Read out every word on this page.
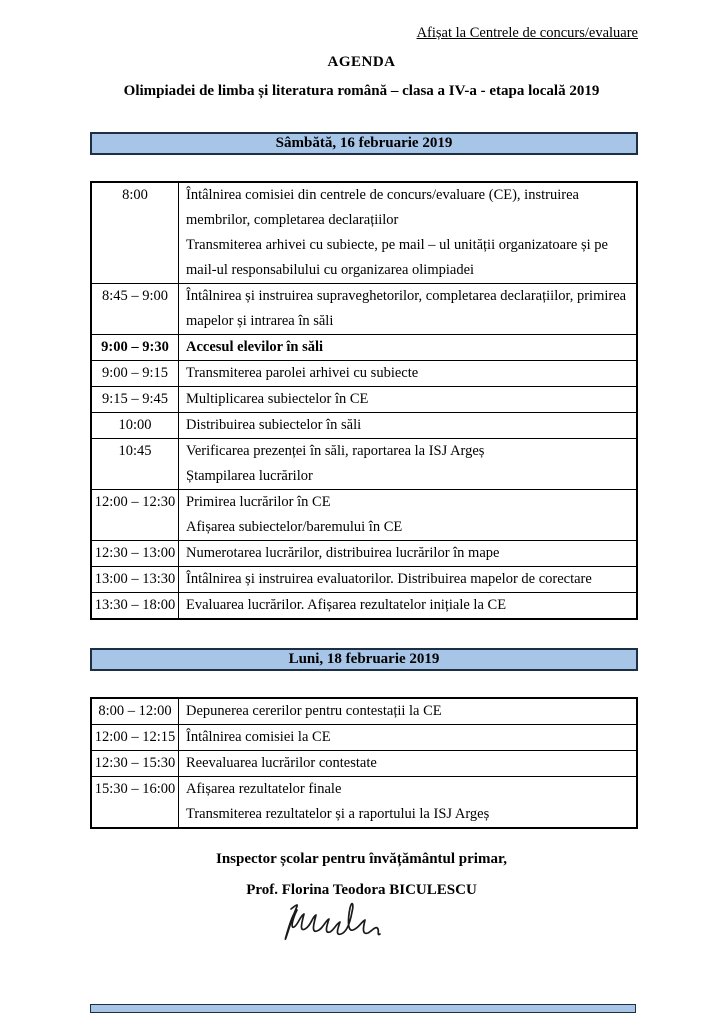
Afișat la Centrele de concurs/evaluare
AGENDA
Olimpiadei de limba și literatura română – clasa a IV-a - etapa locală 2019
Sâmbătă, 16 februarie 2019
8:00	Întâlnirea comisiei din centrele de concurs/evaluare (CE), instruirea membrilor, completarea declarațiilor

Transmiterea arhivei cu subiecte, pe mail – ul unității organizatoare și pe mail-ul responsabilului cu organizarea olimpiadei

8:45 – 9:00	Întâlnirea și instruirea supraveghetorilor, completarea declarațiilor, primirea mapelor și intrarea în săli

9:00 – 9:30	Accesul elevilor în săli

9:00 – 9:15	Transmiterea parolei arhivei cu subiecte

9:15 – 9:45	Multiplicarea subiectelor în CE

10:00	Distribuirea subiectelor în săli

10:45	Verificarea prezenței în săli, raportarea la ISJ Argeș

Ștampilarea lucrărilor

12:00 – 12:30	Primirea lucrărilor în CE

Afișarea subiectelor/baremului în CE

12:30 – 13:00	Numerotarea lucrărilor, distribuirea lucrărilor în mape

13:00 – 13:30	Întâlnirea și instruirea evaluatorilor. Distribuirea mapelor de corectare

13:30 – 18:00	Evaluarea lucrărilor. Afișarea rezultatelor inițiale la CE

Luni, 18 februarie 2019
8:00 – 12:00	Depunerea cererilor pentru contestații la CE

12:00 – 12:15	Întâlnirea comisiei la CE

12:30 – 15:30	Reevaluarea lucrărilor contestate

15:30 – 16:00	Afișarea rezultatelor finale

Transmiterea rezultatelor și a raportului la ISJ Argeș

Inspector școlar pentru învățământul primar,
Prof. Florina Teodora BICULESCU
